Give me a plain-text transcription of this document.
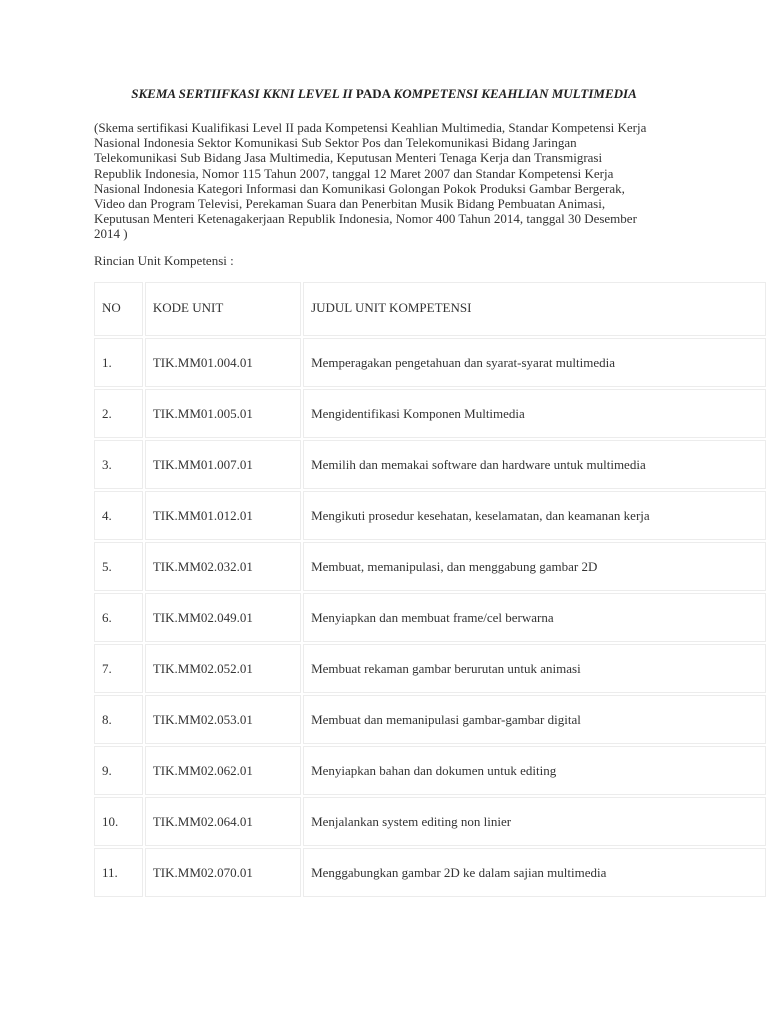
SKEMA SERTIIFKASI KKNI LEVEL II PADA KOMPETENSI KEAHLIAN MULTIMEDIA
(Skema sertifikasi Kualifikasi Level II pada Kompetensi Keahlian Multimedia, Standar Kompetensi Kerja
Nasional Indonesia Sektor Komunikasi Sub Sektor Pos dan Telekomunikasi Bidang Jaringan
Telekomunikasi Sub Bidang Jasa Multimedia, Keputusan Menteri Tenaga Kerja dan Transmigrasi
Republik Indonesia, Nomor 115 Tahun 2007, tanggal 12 Maret 2007 dan Standar Kompetensi Kerja
Nasional Indonesia Kategori Informasi dan Komunikasi Golongan Pokok Produksi Gambar Bergerak,
Video dan Program Televisi, Perekaman Suara dan Penerbitan Musik Bidang Pembuatan Animasi,
Keputusan Menteri Ketenagakerjaan Republik Indonesia, Nomor 400 Tahun 2014, tanggal 30 Desember
2014 )
Rincian Unit Kompetensi :
NO	KODE UNIT	JUDUL UNIT KOMPETENSI
1.	TIK.MM01.004.01	Memperagakan pengetahuan dan syarat-syarat multimedia
2.	TIK.MM01.005.01	Mengidentifikasi Komponen Multimedia
3.	TIK.MM01.007.01	Memilih dan memakai software dan hardware untuk multimedia
4.	TIK.MM01.012.01	Mengikuti prosedur kesehatan, keselamatan, dan keamanan kerja
5.	TIK.MM02.032.01	Membuat, memanipulasi, dan menggabung gambar 2D
6.	TIK.MM02.049.01	Menyiapkan dan membuat frame/cel berwarna
7.	TIK.MM02.052.01	Membuat rekaman gambar berurutan untuk animasi
8.	TIK.MM02.053.01	Membuat dan memanipulasi gambar-gambar digital
9.	TIK.MM02.062.01	Menyiapkan bahan dan dokumen untuk editing
10.	TIK.MM02.064.01	Menjalankan system editing non linier
11.	TIK.MM02.070.01	Menggabungkan gambar 2D ke dalam sajian multimedia
